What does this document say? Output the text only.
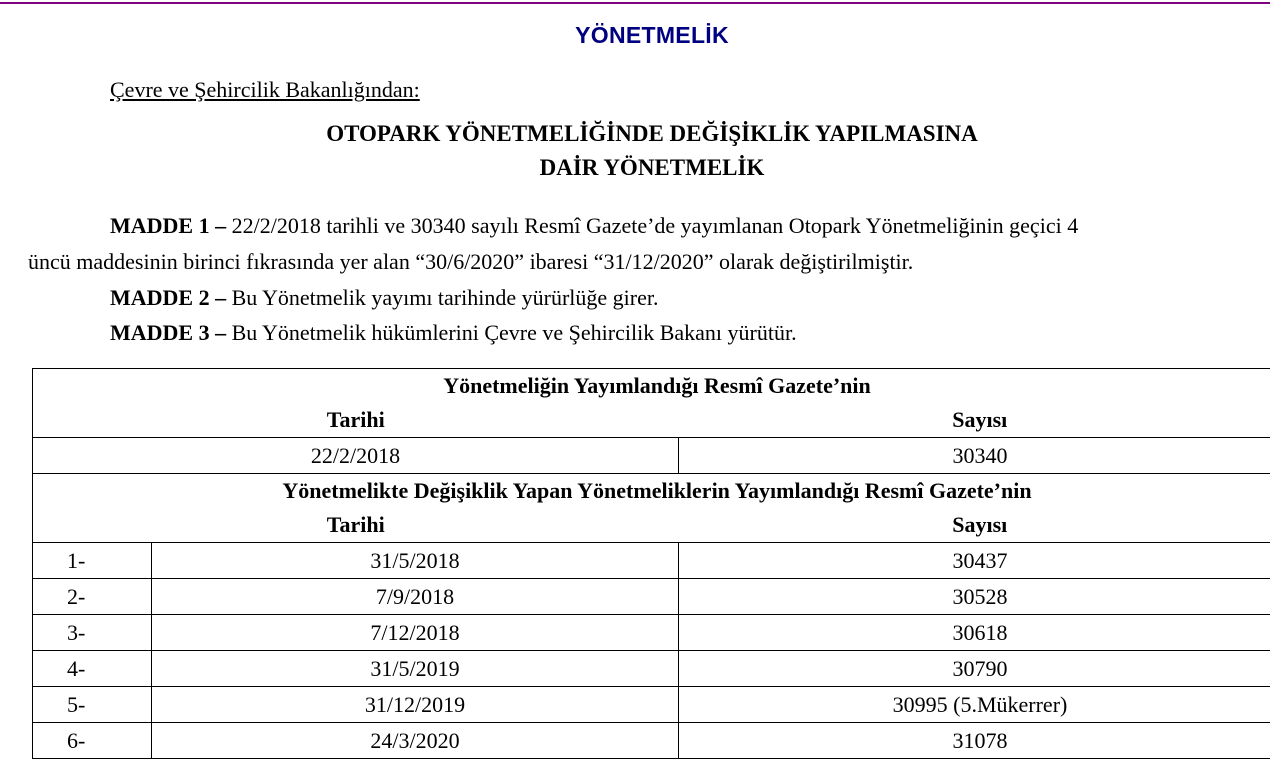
YÖNETMELİK
Çevre ve Şehircilik Bakanlığından:
OTOPARK YÖNETMELİĞİNDE DEĞİŞİKLİK YAPILMASINA
DAİR YÖNETMELİK
MADDE 1 – 22/2/2018 tarihli ve 30340 sayılı Resmî Gazete’de yayımlanan Otopark Yönetmeliğinin geçici 4
üncü maddesinin birinci fıkrasında yer alan “30/6/2020” ibaresi “31/12/2020” olarak değiştirilmiştir.
MADDE 2 – Bu Yönetmelik yayımı tarihinde yürürlüğe girer.
MADDE 3 – Bu Yönetmelik hükümlerini Çevre ve Şehircilik Bakanı yürütür.
Yönetmeliğin Yayımlandığı Resmî Gazete’nin		
Tarihi		Sayısı
22/2/2018		30340
Yönetmelikte Değişiklik Yapan Yönetmeliklerin Yayımlandığı Resmî Gazete’nin		
Tarihi		Sayısı
1-	31/5/2018	30437
2-	7/9/2018	30528
3-	7/12/2018	30618
4-	31/5/2019	30790
5-	31/12/2019	30995 (5.Mükerrer)
6-	24/3/2020	31078
